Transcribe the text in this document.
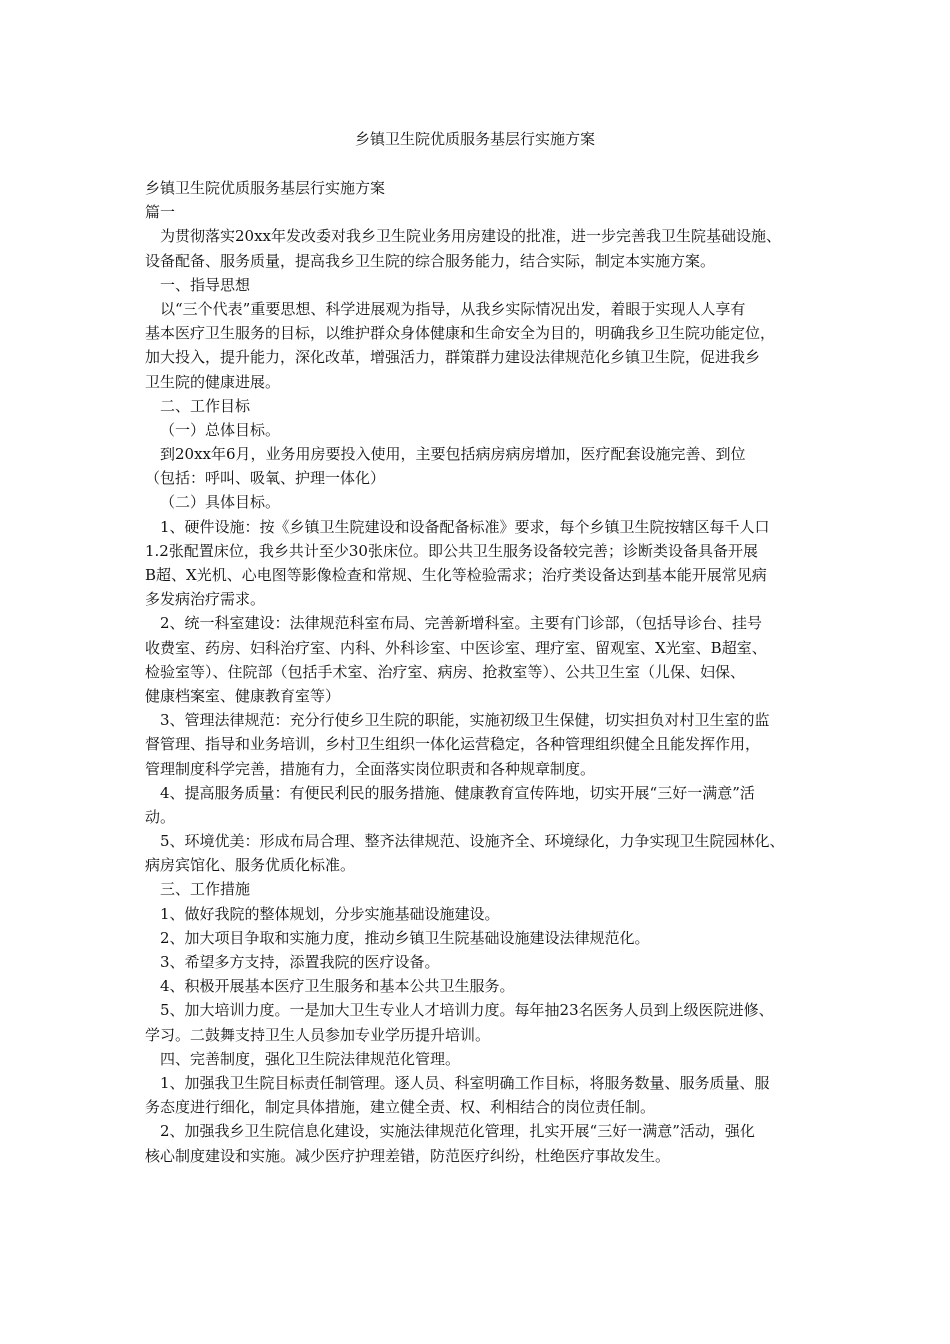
乡镇卫生院优质服务基层行实施方案
乡镇卫生院优质服务基层行实施方案
篇一
为贯彻落实20xx年发改委对我乡卫生院业务用房建设的批准，进一步完善我卫生院基础设施、
设备配备、服务质量，提高我乡卫生院的综合服务能力，结合实际，制定本实施方案。
一、指导思想
以“三个代表”重要思想、科学进展观为指导，从我乡实际情况出发，着眼于实现人人享有
基本医疗卫生服务的目标，以维护群众身体健康和生命安全为目的，明确我乡卫生院功能定位，
加大投入，提升能力，深化改革，增强活力，群策群力建设法律规范化乡镇卫生院，促进我乡
卫生院的健康进展。
二、工作目标
（一）总体目标。
到20xx年6月，业务用房要投入使用，主要包括病房病房增加，医疗配套设施完善、到位
（包括：呼叫、吸氧、护理一体化）
（二）具体目标。
1、硬件设施：按《乡镇卫生院建设和设备配备标准》要求，每个乡镇卫生院按辖区每千人口
1.2张配置床位，我乡共计至少30张床位。即公共卫生服务设备较完善；诊断类设备具备开展
B超、X光机、心电图等影像检查和常规、生化等检验需求；治疗类设备达到基本能开展常见病
多发病治疗需求。
2、统一科室建设：法律规范科室布局、完善新增科室。主要有门诊部，（包括导诊台、挂号
收费室、药房、妇科治疗室、内科、外科诊室、中医诊室、理疗室、留观室、X光室、B超室、
检验室等）、住院部（包括手术室、治疗室、病房、抢救室等）、公共卫生室（儿保、妇保、
健康档案室、健康教育室等）
3、管理法律规范：充分行使乡卫生院的职能，实施初级卫生保健，切实担负对村卫生室的监
督管理、指导和业务培训，乡村卫生组织一体化运营稳定，各种管理组织健全且能发挥作用，
管理制度科学完善，措施有力，全面落实岗位职责和各种规章制度。
4、提高服务质量：有便民利民的服务措施、健康教育宣传阵地，切实开展“三好一满意”活
动。
5、环境优美：形成布局合理、整齐法律规范、设施齐全、环境绿化，力争实现卫生院园林化、
病房宾馆化、服务优质化标准。
三、工作措施
1、做好我院的整体规划，分步实施基础设施建设。
2、加大项目争取和实施力度，推动乡镇卫生院基础设施建设法律规范化。
3、希望多方支持，添置我院的医疗设备。
4、积极开展基本医疗卫生服务和基本公共卫生服务。
5、加大培训力度。一是加大卫生专业人才培训力度。每年抽23名医务人员到上级医院进修、
学习。二鼓舞支持卫生人员参加专业学历提升培训。
四、完善制度，强化卫生院法律规范化管理。
1、加强我卫生院目标责任制管理。逐人员、科室明确工作目标，将服务数量、服务质量、服
务态度进行细化，制定具体措施，建立健全责、权、利相结合的岗位责任制。
2、加强我乡卫生院信息化建设，实施法律规范化管理，扎实开展“三好一满意”活动，强化
核心制度建设和实施。减少医疗护理差错，防范医疗纠纷，杜绝医疗事故发生。
